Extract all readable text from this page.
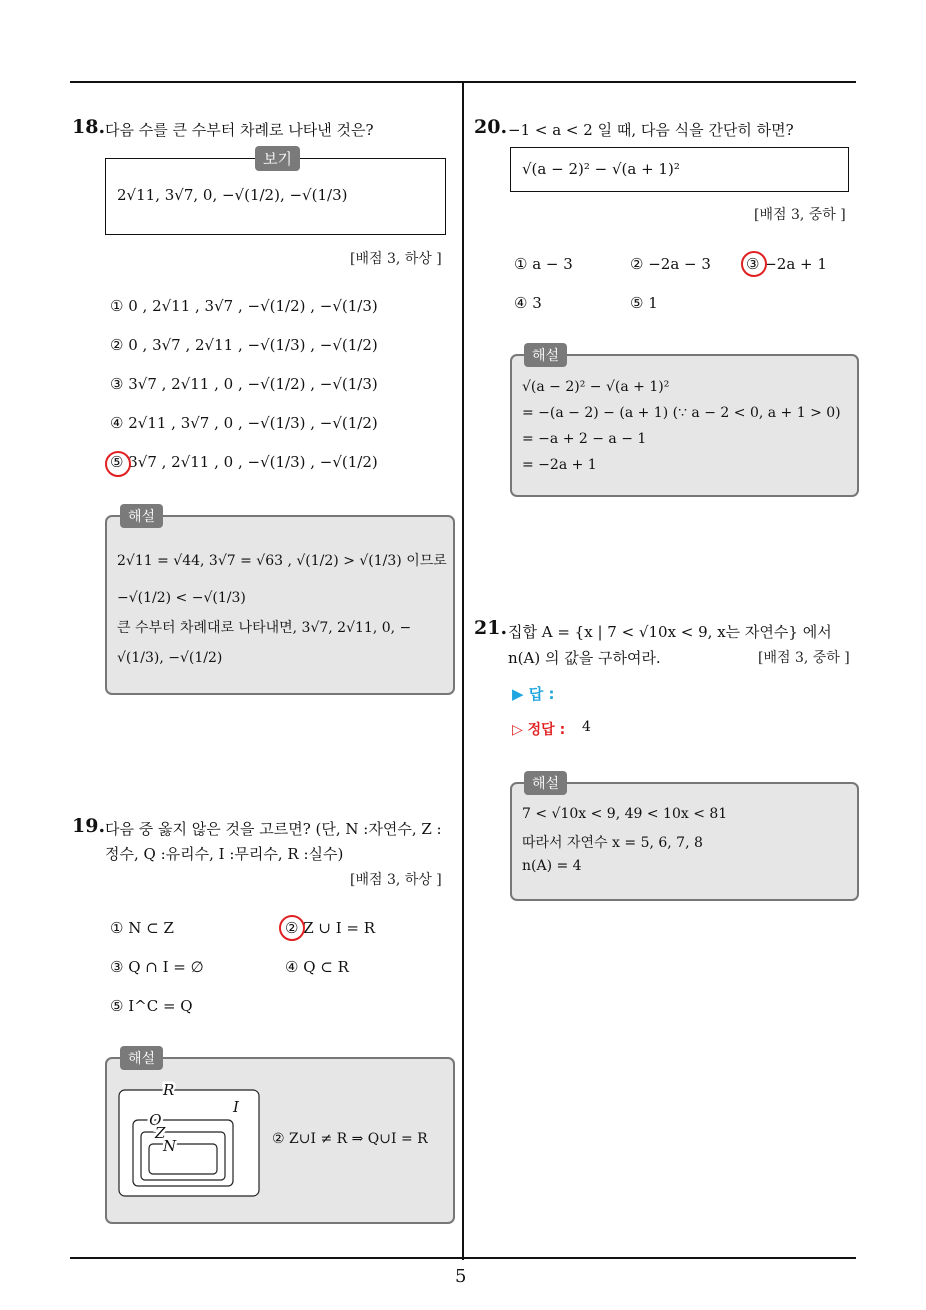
18. 다음 수를 큰 수부터 차례로 나타낸 것은?
보기
2√11, 3√7, 0, −√(1/2), −√(1/3)
[배점 3, 하상 ]
① 0 , 2√11 , 3√7 , −√(1/2) , −√(1/3)
② 0 , 3√7 , 2√11 , −√(1/3) , −√(1/2)
③ 3√7 , 2√11 , 0 , −√(1/2) , −√(1/3)
④ 2√11 , 3√7 , 0 , −√(1/3) , −√(1/2)
⑤ 3√7 , 2√11 , 0 , −√(1/3) , −√(1/2)
해설
2√11 = √44, 3√7 = √63 , √(1/2) > √(1/3) 이므로
−√(1/2) < −√(1/3)
큰 수부터 차례대로 나타내면, 3√7, 2√11, 0, −
√(1/3), −√(1/2)
19. 다음 중 옳지 않은 것을 고르면? (단, N :자연수, Z :
정수, Q :유리수, I :무리수, R :실수)
[배점 3, 하상 ]
① N ⊂ Z	② Z ∪ I = R
③ Q ∩ I = ∅	④ Q ⊂ R
⑤ I^C = Q
해설
R
I
Q
Z
N	② Z∪I ≠ R ⇒ Q∪I = R
20. −1 < a < 2 일 때, 다음 식을 간단히 하면?
√(a − 2)² − √(a + 1)²
[배점 3, 중하 ]
① a − 3	② −2a − 3 ③ −2a + 1
④ 3	⑤ 1
해설
√(a − 2)² − √(a + 1)²
= −(a − 2) − (a + 1) (∵ a − 2 < 0, a + 1 > 0)
= −a + 2 − a − 1
= −2a + 1
21. 집합 A = {x | 7 < √10x < 9, x는 자연수} 에서
n(A) 의 값을 구하여라.	[배점 3, 중하 ]
▶ 답 :
▷ 정답 : 4
해설
7 < √10x < 9, 49 < 10x < 81
따라서 자연수 x = 5, 6, 7, 8
n(A) = 4
5
